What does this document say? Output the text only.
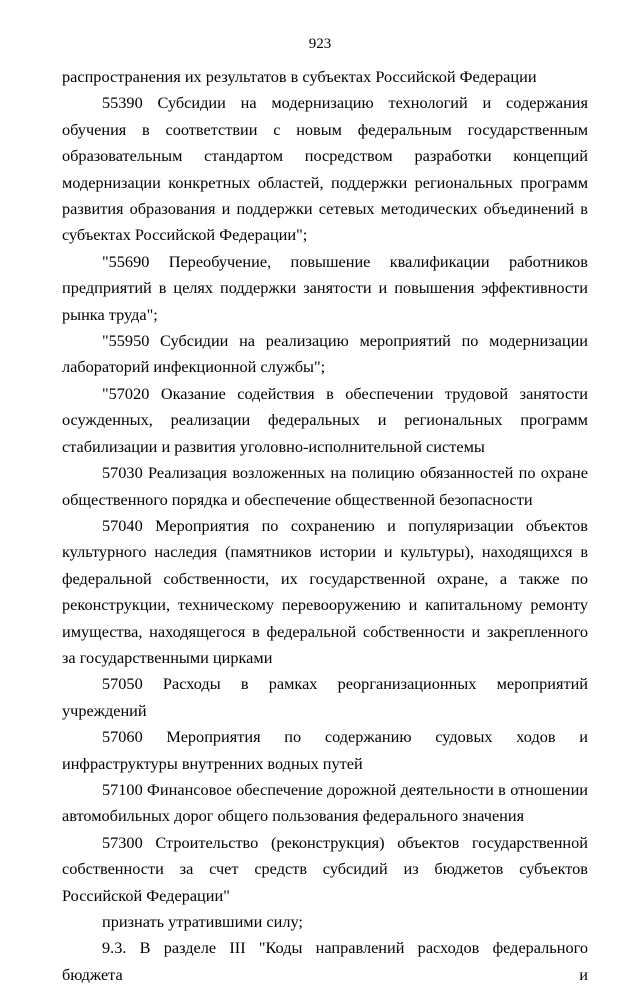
923

распространения их результатов в субъектах Российской Федерации

55390 Субсидии на модернизацию технологий и содержания обучения в соответствии с новым федеральным государственным образовательным стандартом посредством разработки концепций модернизации конкретных областей, поддержки региональных программ развития образования и поддержки сетевых методических объединений в субъектах Российской Федерации";

"55690 Переобучение, повышение квалификации работников предприятий в целях поддержки занятости и повышения эффективности рынка труда";

"55950 Субсидии на реализацию мероприятий по модернизации лабораторий инфекционной службы";

"57020 Оказание содействия в обеспечении трудовой занятости осужденных, реализации федеральных и региональных программ стабилизации и развития уголовно-исполнительной системы

57030 Реализация возложенных на полицию обязанностей по охране общественного порядка и обеспечение общественной безопасности

57040 Мероприятия по сохранению и популяризации объектов культурного наследия (памятников истории и культуры), находящихся в федеральной собственности, их государственной охране, а также по реконструкции, техническому перевооружению и капитальному ремонту имущества, находящегося в федеральной собственности и закрепленного за государственными цирками

57050 Расходы в рамках реорганизационных мероприятий учреждений

57060 Мероприятия по содержанию судовых ходов и инфраструктуры внутренних водных путей

57100 Финансовое обеспечение дорожной деятельности в отношении автомобильных дорог общего пользования федерального значения

57300 Строительство (реконструкция) объектов государственной собственности за счет средств субсидий из бюджетов субъектов Российской Федерации"

признать утратившими силу;

9.3. В разделе III "Коды направлений расходов федерального бюджета и
